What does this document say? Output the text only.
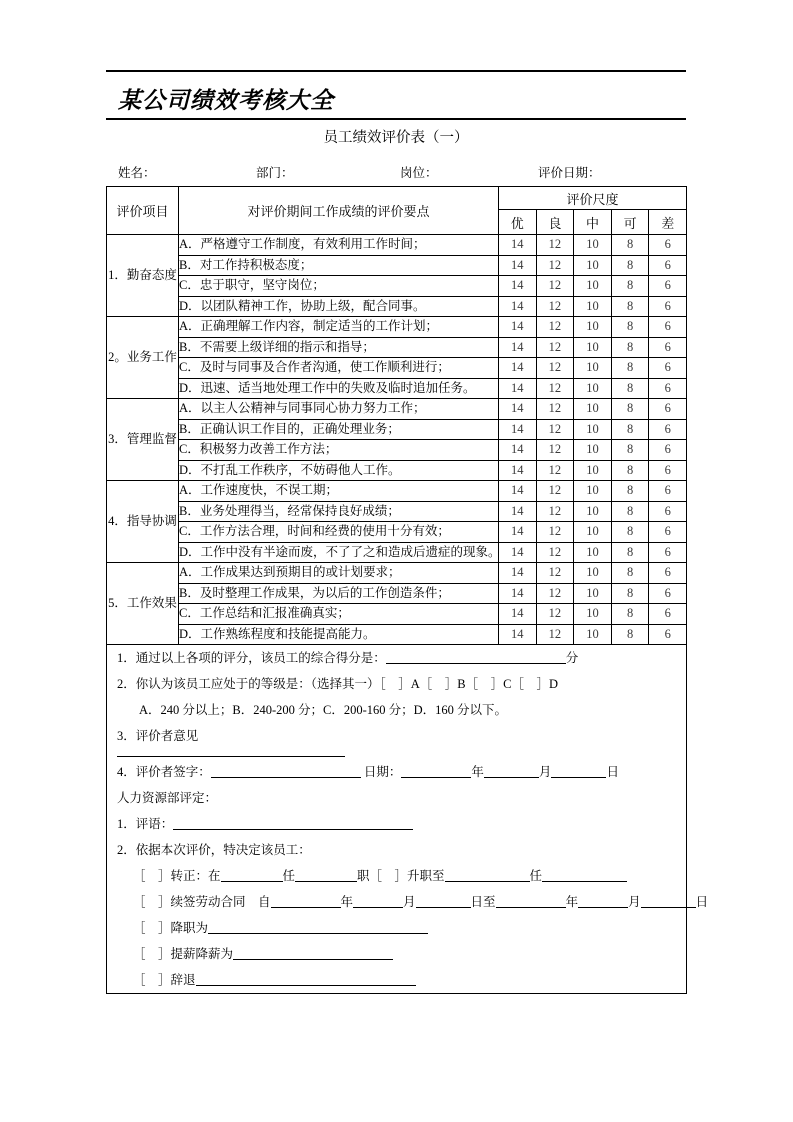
某公司绩效考核大全
员工绩效评价表（一）
姓名：	部门：	岗位：	评价日期：
评价项目	对评价期间工作成绩的评价要点	评价尺度				
		优	良	中	可	差
1．勤奋态度	A．严格遵守工作制度，有效利用工作时间；	14	12	10	8	6
	B．对工作持积极态度；	14	12	10	8	6
	C．忠于职守，坚守岗位；	14	12	10	8	6
	D．以团队精神工作，协助上级，配合同事。	14	12	10	8	6
2。业务工作	A．正确理解工作内容，制定适当的工作计划；	14	12	10	8	6
	B．不需要上级详细的指示和指导；	14	12	10	8	6
	C．及时与同事及合作者沟通，使工作顺利进行；	14	12	10	8	6
	D．迅速、适当地处理工作中的失败及临时追加任务。	14	12	10	8	6
3．管理监督	A．以主人公精神与同事同心协力努力工作；	14	12	10	8	6
	B．正确认识工作目的，正确处理业务；	14	12	10	8	6
	C．积极努力改善工作方法；	14	12	10	8	6
	D．不打乱工作秩序，不妨碍他人工作。	14	12	10	8	6
4．指导协调	A．工作速度快，不误工期；	14	12	10	8	6
	B．业务处理得当，经常保持良好成绩；	14	12	10	8	6
	C．工作方法合理，时间和经费的使用十分有效；	14	12	10	8	6
	D．工作中没有半途而废，不了了之和造成后遗症的现象。	14	12	10	8	6
5．工作效果	A．工作成果达到预期目的或计划要求；	14	12	10	8	6
	B．及时整理工作成果，为以后的工作创造条件；	14	12	10	8	6
	C．工作总结和汇报准确真实；	14	12	10	8	6
	D．工作熟练程度和技能提高能力。	14	12	10	8	6

1．通过以上各项的评分，该员工的综合得分是：	分
2．你认为该员工应处于的等级是：（选择其一）［　］A［　］B［　］C［　］D
A．240 分以上；B．240-200 分；C．200-160 分；D．160 分以下。
3．评价者意见
4．评价者签字：	日期：	年	月	日
人力资源部评定：
1．评语：
2．依据本次评价，特决定该员工：
［　］转正：在	任	职［　］升职至	任
［　］续签劳动合同　自	年	月	日至	年	月	日
［　］降职为
［　］提薪降薪为
［　］辞退
